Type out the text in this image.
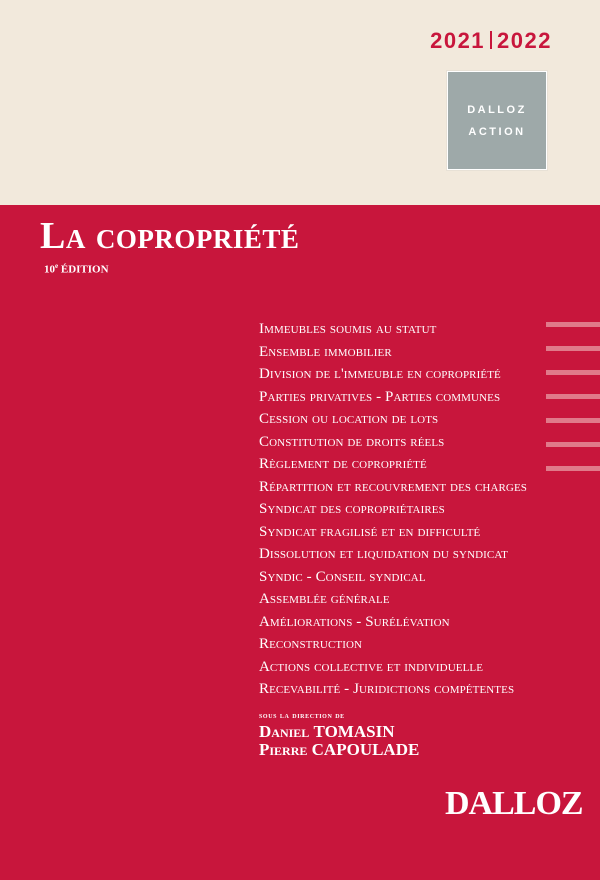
2021 2022
DALLOZ
ACTION
La copropriété
10e ÉDITION
Immeubles soumis au statut
Ensemble immobilier
Division de l'immeuble en copropriété
Parties privatives - Parties communes
Cession ou location de lots
Constitution de droits réels
Règlement de copropriété
Répartition et recouvrement des charges
Syndicat des copropriétaires
Syndicat fragilisé et en difficulté
Dissolution et liquidation du syndicat
Syndic - Conseil syndical
Assemblée générale
Améliorations - Surélévation
Reconstruction
Actions collective et individuelle
Recevabilité - Juridictions compétentes
sous la direction de
Daniel TOMASIN
Pierre CAPOULADE
DALLOZ
